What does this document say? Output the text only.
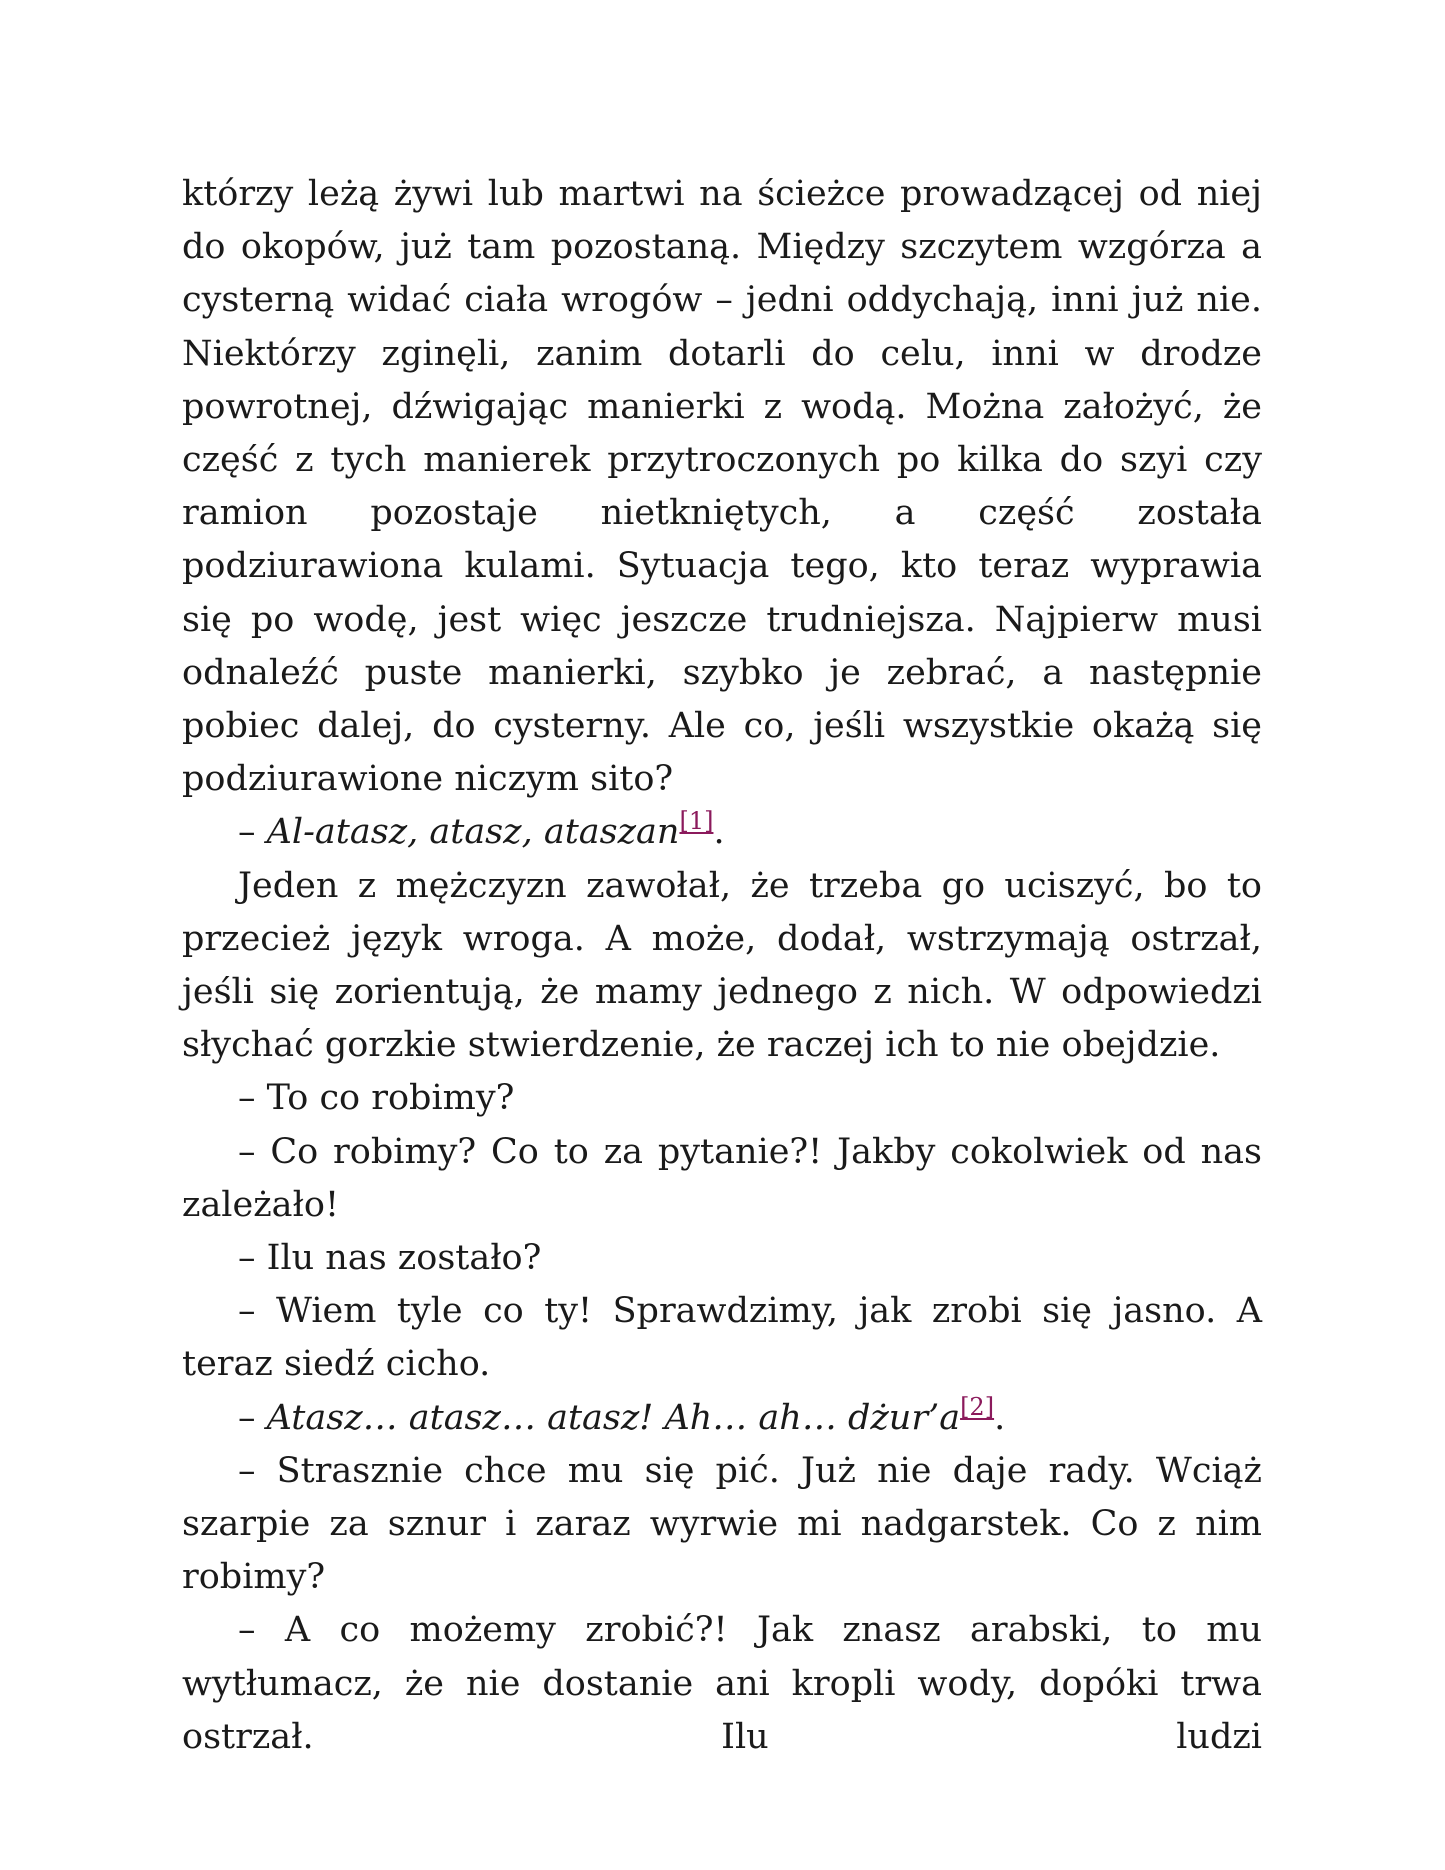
którzy leżą żywi lub martwi na ścieżce prowadzącej od niej do okopów, już tam pozostaną. Między szczytem wzgórza a cysterną widać ciała wrogów – jedni oddychają, inni już nie. Niektórzy zginęli, zanim dotarli do celu, inni w drodze powrotnej, dźwigając manierki z wodą. Można założyć, że część z tych manierek przytroczonych po kilka do szyi czy ramion pozostaje nietkniętych, a część została podziurawiona kulami. Sytuacja tego, kto teraz wyprawia się po wodę, jest więc jeszcze trudniejsza. Najpierw musi odnaleźć puste manierki, szybko je zebrać, a następnie pobiec dalej, do cysterny. Ale co, jeśli wszystkie okażą się podziurawione niczym sito?

– Al-atasz, atasz, ataszan[1].

Jeden z mężczyzn zawołał, że trzeba go uciszyć, bo to przecież język wroga. A może, dodał, wstrzymają ostrzał, jeśli się zorientują, że mamy jednego z nich. W odpowiedzi słychać gorzkie stwierdzenie, że raczej ich to nie obejdzie.

– To co robimy?

– Co robimy? Co to za pytanie?! Jakby cokolwiek od nas zależało!

– Ilu nas zostało?

– Wiem tyle co ty! Sprawdzimy, jak zrobi się jasno. A teraz siedź cicho.

– Atasz… atasz… atasz! Ah… ah… dżur’a[2].

– Strasznie chce mu się pić. Już nie daje rady. Wciąż szarpie za sznur i zaraz wyrwie mi nadgarstek. Co z nim robimy?

– A co możemy zrobić?! Jak znasz arabski, to mu wytłumacz, że nie dostanie ani kropli wody, dopóki trwa ostrzał. Ilu ludzi
